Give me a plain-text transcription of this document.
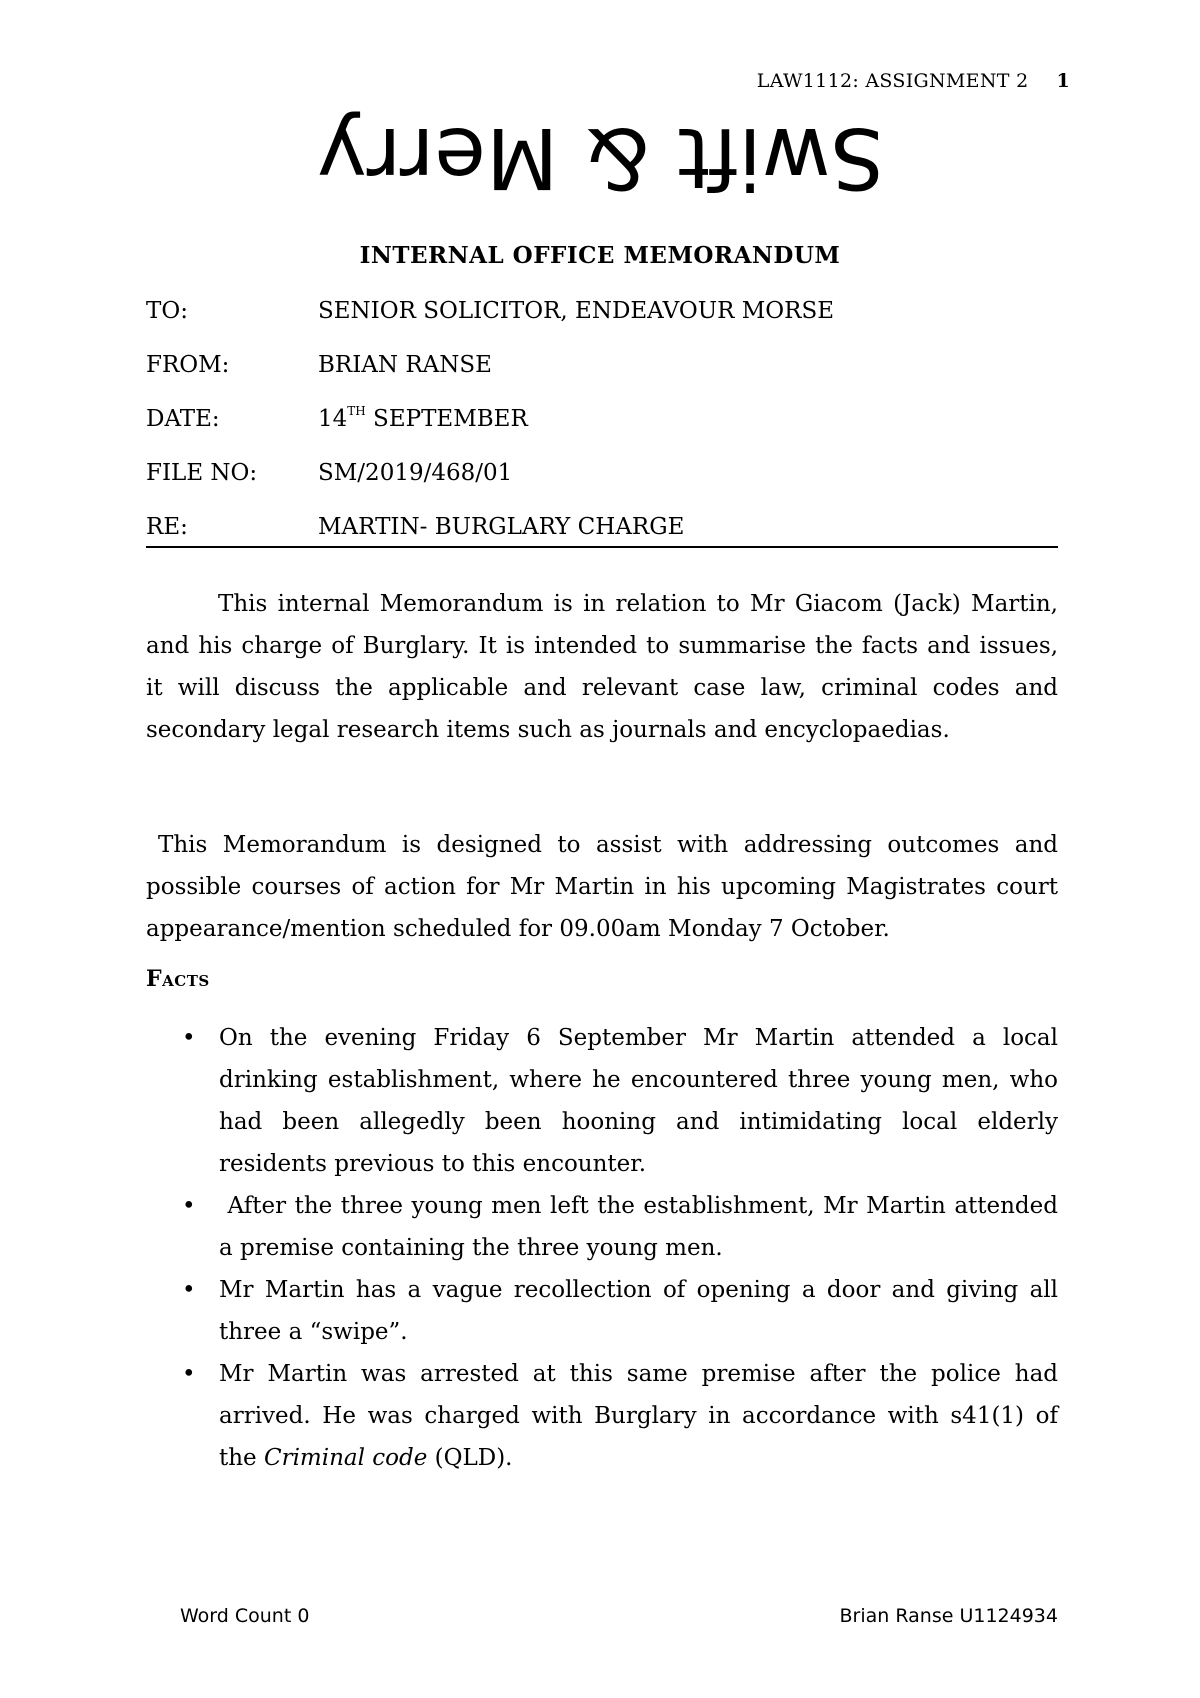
LAW1112: ASSIGNMENT 2 1
Swift & Merry
INTERNAL OFFICE MEMORANDUM
TO:	SENIOR SOLICITOR, ENDEAVOUR MORSE
FROM:	BRIAN RANSE
DATE:	14TH SEPTEMBER
FILE NO:	SM/2019/468/01
RE:	MARTIN- BURGLARY CHARGE

This internal Memorandum is in relation to Mr Giacom (Jack) Martin, and his charge of Burglary. It is intended to summarise the facts and issues, it will discuss the applicable and relevant case law, criminal codes and secondary legal research items such as journals and encyclopaedias.

This Memorandum is designed to assist with addressing outcomes and possible courses of action for Mr Martin in his upcoming Magistrates court appearance/mention scheduled for 09.00am Monday 7 October.

Facts
• On the evening Friday 6 September Mr Martin attended a local drinking establishment, where he encountered three young men, who had been allegedly been hooning and intimidating local elderly residents previous to this encounter.
• After the three young men left the establishment, Mr Martin attended a premise containing the three young men.
• Mr Martin has a vague recollection of opening a door and giving all three a “swipe”.
• Mr Martin was arrested at this same premise after the police had arrived. He was charged with Burglary in accordance with s41(1) of the Criminal code (QLD).
Word Count 0	Brian Ranse U1124934
